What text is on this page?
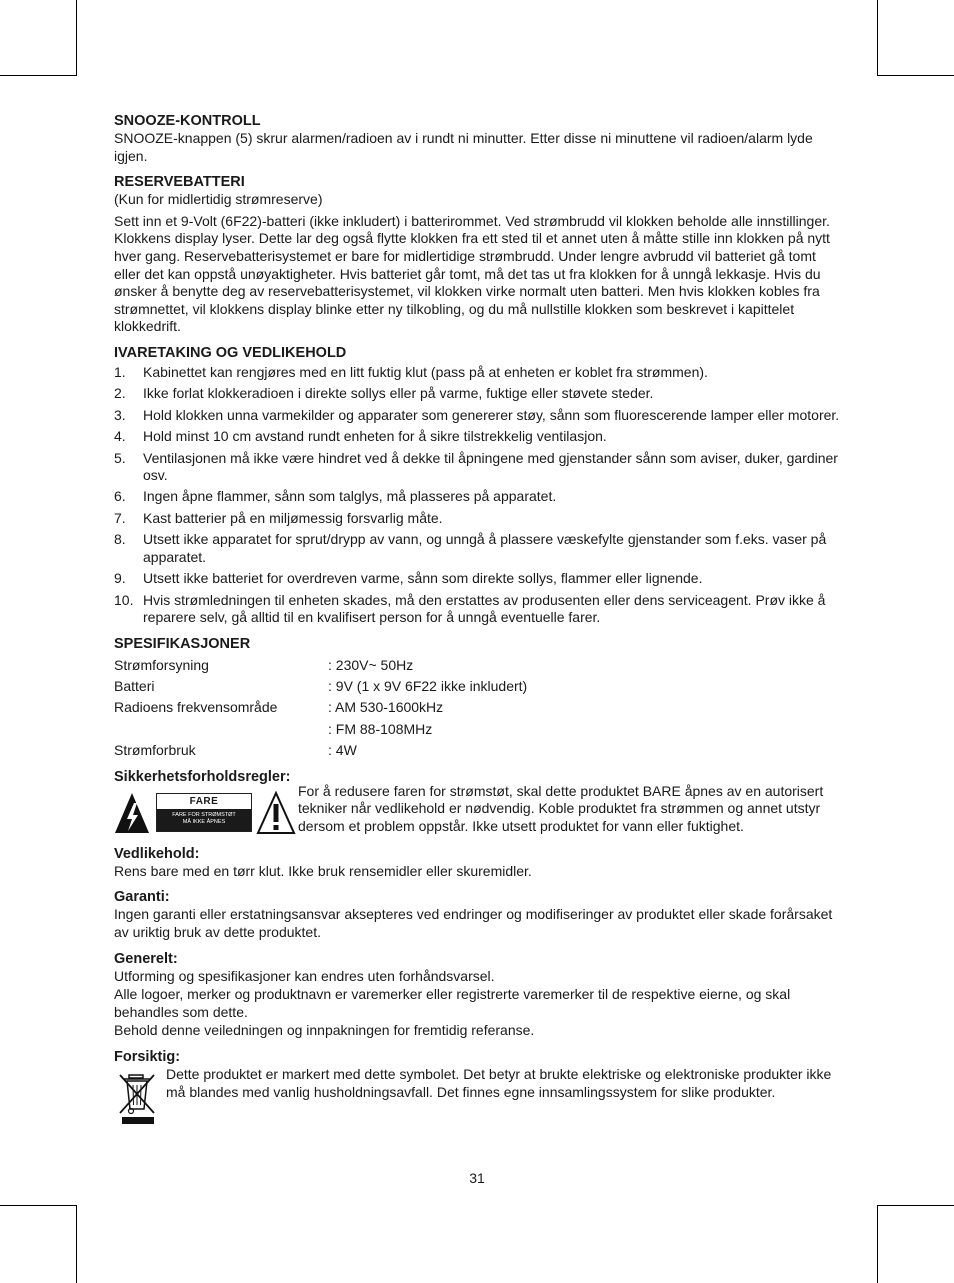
SNOOZE-KONTROLL

SNOOZE-knappen (5) skrur alarmen/radioen av i rundt ni minutter. Etter disse ni minuttene vil radioen/alarm lyde igjen.

RESERVEBATTERI

(Kun for midlertidig strømreserve)

Sett inn et 9-Volt (6F22)-batteri (ikke inkludert) i batterirommet. Ved strømbrudd vil klokken beholde alle innstillinger. Klokkens display lyser. Dette lar deg også flytte klokken fra ett sted til et annet uten å måtte stille inn klokken på nytt hver gang. Reservebatterisystemet er bare for midlertidige strømbrudd. Under lengre avbrudd vil batteriet gå tomt eller det kan oppstå unøyaktigheter. Hvis batteriet går tomt, må det tas ut fra klokken for å unngå lekkasje. Hvis du ønsker å benytte deg av reservebatterisystemet, vil klokken virke normalt uten batteri. Men hvis klokken kobles fra strømnettet, vil klokkens display blinke etter ny tilkobling, og du må nullstille klokken som beskrevet i kapittelet klokkedrift.

IVARETAKING OG VEDLIKEHOLD
1. Kabinettet kan rengjøres med en litt fuktig klut (pass på at enheten er koblet fra strømmen).
2. Ikke forlat klokkeradioen i direkte sollys eller på varme, fuktige eller støvete steder.
3. Hold klokken unna varmekilder og apparater som genererer støy, sånn som fluorescerende lamper eller motorer.
4. Hold minst 10 cm avstand rundt enheten for å sikre tilstrekkelig ventilasjon.
5. Ventilasjonen må ikke være hindret ved å dekke til åpningene med gjenstander sånn som aviser, duker, gardiner osv.
6. Ingen åpne flammer, sånn som talglys, må plasseres på apparatet.
7. Kast batterier på en miljømessig forsvarlig måte.
8. Utsett ikke apparatet for sprut/drypp av vann, og unngå å plassere væskefylte gjenstander som f.eks. vaser på apparatet.
9. Utsett ikke batteriet for overdreven varme, sånn som direkte sollys, flammer eller lignende.
10. Hvis strømledningen til enheten skades, må den erstattes av produsenten eller dens serviceagent. Prøv ikke å reparere selv, gå alltid til en kvalifisert person for å unngå eventuelle farer.
SPESIFIKASJONER
Strømforsyning	: 230V~ 50Hz
Batteri	: 9V (1 x 9V 6F22 ikke inkludert)
Radioens frekvensområde	: AM 530-1600kHz
: FM 88-108MHz
Strømforbruk	: 4W
Sikkerhetsforholdsregler:
FARE
FARE FOR STRØMSTØT
MÅ IKKE ÅPNES

For å redusere faren for strømstøt, skal dette produktet BARE åpnes av en autorisert tekniker når vedlikehold er nødvendig. Koble produktet fra strømmen og annet utstyr dersom et problem oppstår. Ikke utsett produktet for vann eller fuktighet.

Vedlikehold:

Rens bare med en tørr klut. Ikke bruk rensemidler eller skuremidler.

Garanti:

Ingen garanti eller erstatningsansvar aksepteres ved endringer og modifiseringer av produktet eller skade forårsaket av uriktig bruk av dette produktet.

Generelt:

Utforming og spesifikasjoner kan endres uten forhåndsvarsel.

Alle logoer, merker og produktnavn er varemerker eller registrerte varemerker til de respektive eierne, og skal behandles som dette.

Behold denne veiledningen og innpakningen for fremtidig referanse.

Forsiktig:

Dette produktet er markert med dette symbolet. Det betyr at brukte elektriske og elektroniske produkter ikke må blandes med vanlig husholdningsavfall. Det finnes egne innsamlingssystem for slike produkter.

31
